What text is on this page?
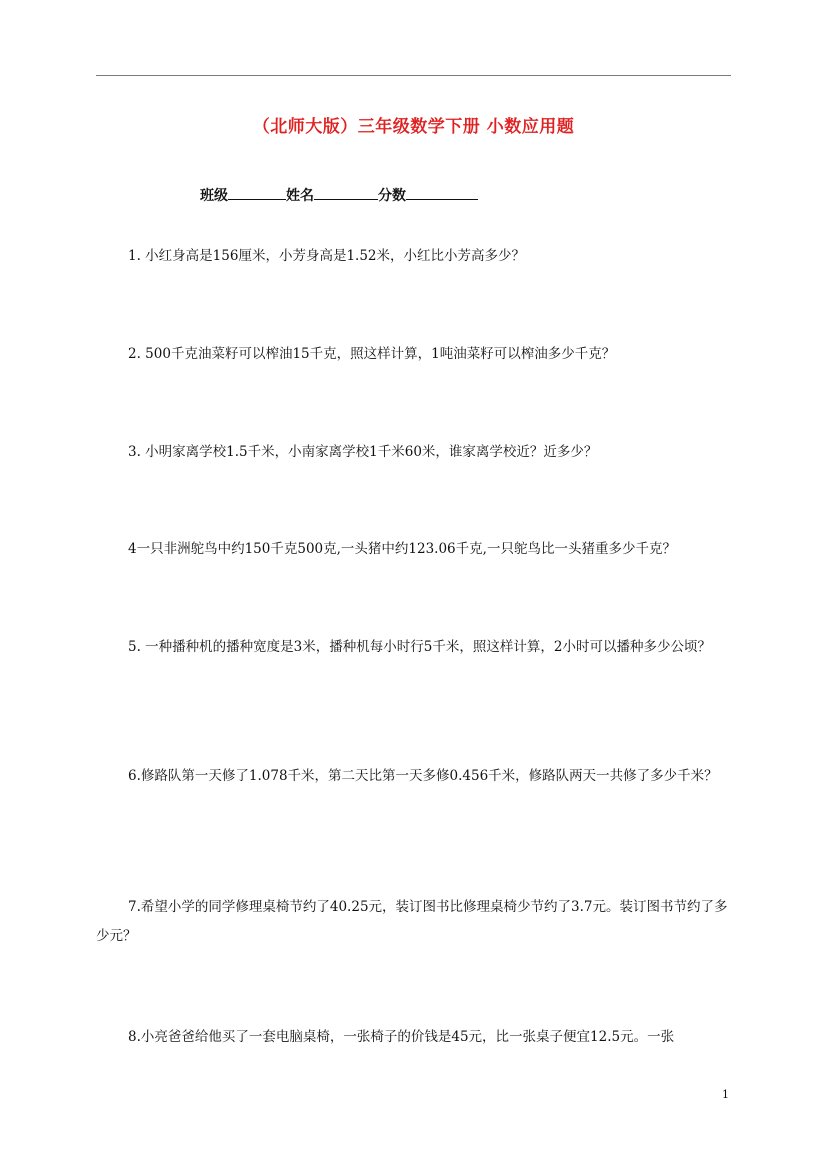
（北师大版）三年级数学下册 小数应用题
班级	姓名	分数
1. 小红身高是156厘米，小芳身高是1.52米，小红比小芳高多少？
2. 500千克油菜籽可以榨油15千克，照这样计算，1吨油菜籽可以榨油多少千克？
3. 小明家离学校1.5千米，小南家离学校1千米60米，谁家离学校近？近多少？
4一只非洲鸵鸟中约150千克500克,一头猪中约123.06千克,一只鸵鸟比一头猪重多少千克？
5. 一种播种机的播种宽度是3米，播种机每小时行5千米，照这样计算，2小时可以播种多少公顷？
6.修路队第一天修了1.078千米，第二天比第一天多修0.456千米，修路队两天一共修了多少千米？
7.希望小学的同学修理桌椅节约了40.25元，装订图书比修理桌椅少节约了3.7元。装订图书节约了多少元？
8.小亮爸爸给他买了一套电脑桌椅，一张椅子的价钱是45元，比一张桌子便宜12.5元。一张
1
